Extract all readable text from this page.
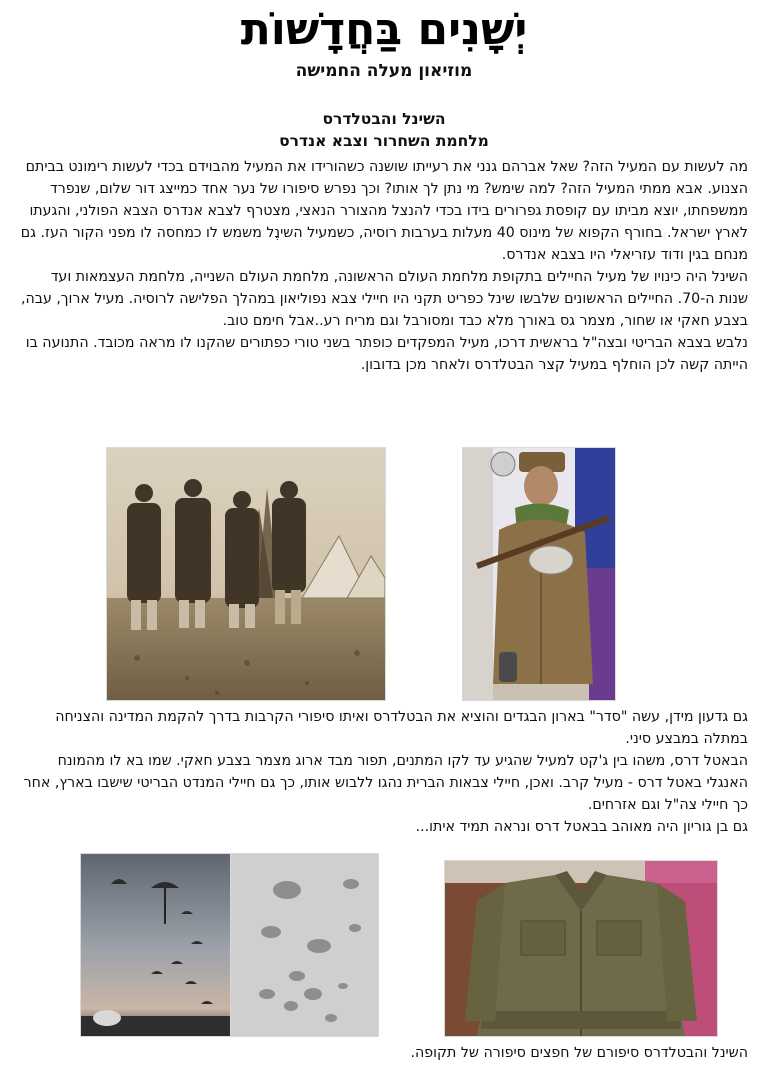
יְשָׁנִים בַּחֲדָשׁוֹת
מוזיאון מעלה החמישה
השינל והבטלדרס
מלחמת השחרור וצבא אנדרס

מה לעשות עם המעיל הזה? שאל אברהם גנני את רעייתו שושנה כשהורידו את המעיל מהבוידם בכדי לעשות רימונט בביתם הצנוע. אבא ממתי המעיל הזה? למה שימש? מי נתן לך אותו? וכך נפרש סיפורו של נער אחד כמייצג דור שלום, שנפרד ממשפחתו, יוצא מביתו עם קופסת גפרורים בידו בכדי להנצל מהצורר הנאצי, מצטרף לצבא אנדרס הצבא הפולני, והגעתו לארץ ישראל. בחורף הקפוא של מינוס 40 מעלות בערבות רוסיה, כשמעיל השינֶל משמש לו כמחסה לו מפני הקור העז. גם מנחם בגין ודוד עזריאלי היו בצבא אנדרס.

השינל היה כינויו של מעיל החיילים בתקופת מלחמת העולם הראשונה, מלחמת העולם השנייה, מלחמת העצמאות ועד שנות ה-70. החיילים הראשונים שלבשו שינל כפריט תקני היו חיילי צבא נפוליאון במהלך הפלישה לרוסיה. מעיל ארוך, עבה, בצבע חאקי או שחור, מצמר גס באורך מלא כבד ומסורבל וגם מריח רע..אבל חימם טוב.

נלבש בצבא הבריטי ובצה"ל בראשית דרכו, מעיל המפקדים כופתר בשני טורי כפתורים שהקנו לו מראה מכובד. התנועה בו הייתה קשה לכן הוחלף במעיל קצר הבטלדרס ולאחר מכן בדובון.

גם גדעון מידן, עשה "סדר" בארון הבגדים והוציא את הבטלדרס ואיתו סיפורי הקרבות בדרך להקמת המדינה והצניחה במתלה במבצע סיני.

הבאטל דרס, משהו בין ג'קט למעיל שהגיע עד לקו המתנים, תפור מבד ארוג מצמר בצבע חאקי. שמו בא לו מהמונח האנגלי באטל דרס - מעיל קרב. ואכן, חיילי צבאות הברית נהגו ללבוש אותו, כך גם חיילי המנדט הבריטי שישבו בארץ, אחר כך חיילי צה"ל וגם אזרחים.

גם בן גוריון היה מאוהב בבאטל דרס ונראה תמיד איתו...

השינל והבטלדרס סיפורם של חפצים סיפורה של תקופה.
